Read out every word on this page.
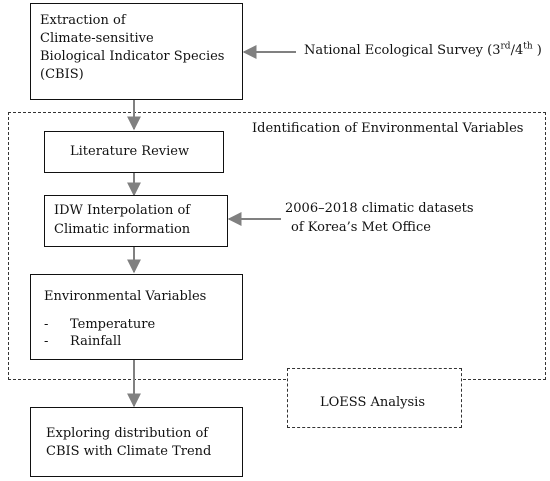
LOESS Analysis
Extraction of
Climate-sensitive
Biological Indicator Species
(CBIS)
National Ecological Survey (3rd/4th )
Identification of Environmental Variables
Literature Review
IDW Interpolation of
Climatic information
2006–2018 climatic datasets
of Korea’s Met Office
Environmental Variables
- Temperature
- Rainfall
Exploring distribution of
CBIS with Climate Trend
